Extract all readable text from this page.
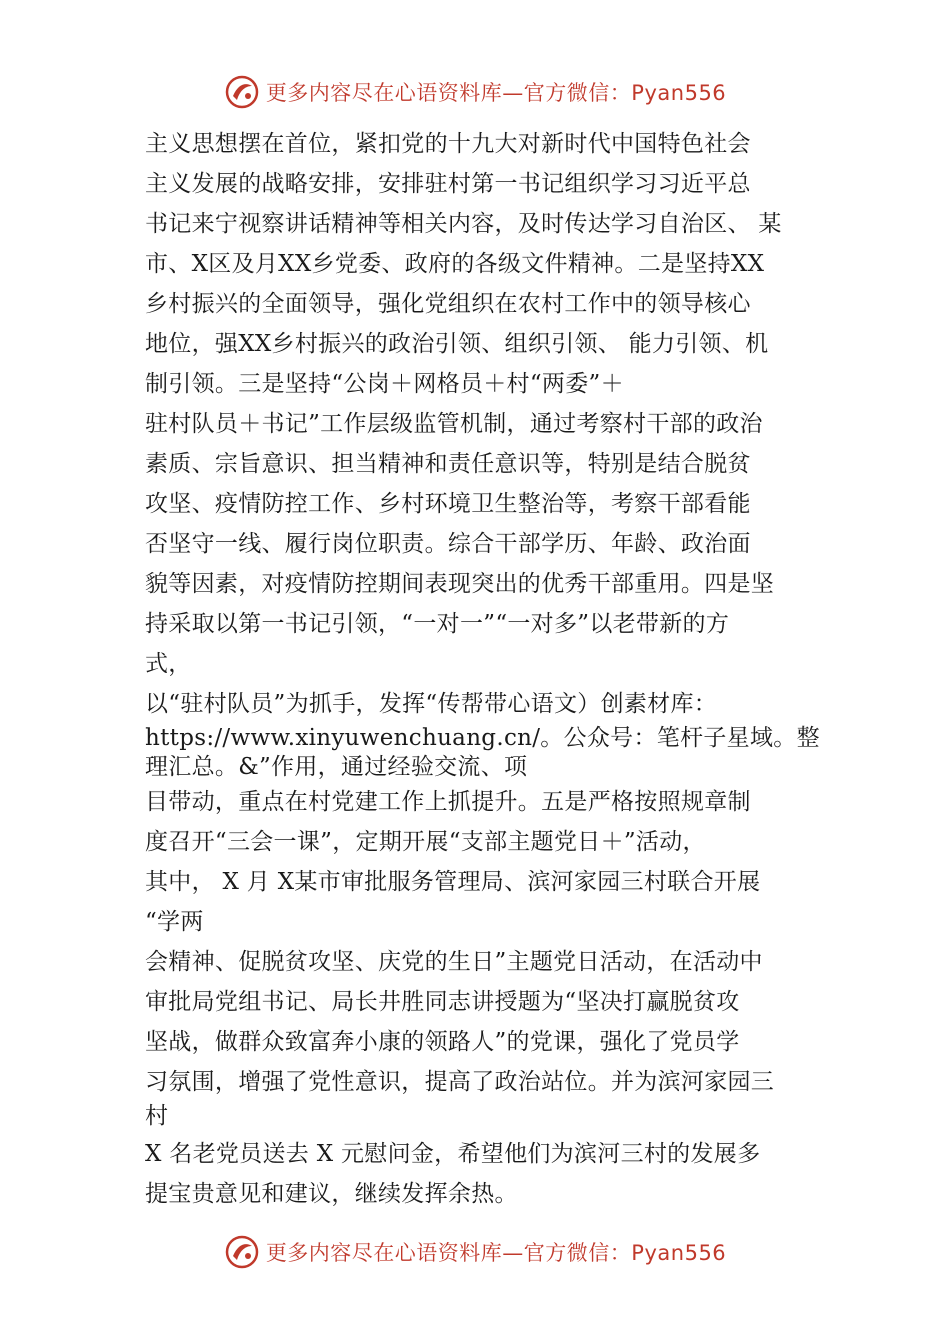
更多内容尽在心语资料库—官方微信：Pyan556
主义思想摆在首位，紧扣党的十九大对新时代中国特色社会
主义发展的战略安排，安排驻村第一书记组织学习习近平总
书记来宁视察讲话精神等相关内容，及时传达学习自治区、 某
市、X区及月XX乡党委、政府的各级文件精神。二是坚持XX
乡村振兴的全面领导，强化党组织在农村工作中的领导核心
地位，强XX乡村振兴的政治引领、组织引领、 能力引领、机
制引领。三是坚持“公岗＋网格员＋村“两委”＋
驻村队员＋书记”工作层级监管机制，通过考察村干部的政治
素质、宗旨意识、担当精神和责任意识等，特别是结合脱贫
攻坚、疫情防控工作、乡村环境卫生整治等，考察干部看能
否坚守一线、履行岗位职责。综合干部学历、年龄、政治面
貌等因素，对疫情防控期间表现突出的优秀干部重用。四是坚
持采取以第一书记引领，“一对一”“一对多”以老带新的方
式，
以“驻村队员”为抓手，发挥“传帮带心语文）创素材库：
https://www.xinyuwenchuang.cn/。公众号：笔杆子星域。整
理汇总。&”作用，通过经验交流、项
目带动，重点在村党建工作上抓提升。五是严格按照规章制
度召开“三会一课”，定期开展“支部主题党日＋”活动，
其中， X 月 X某市审批服务管理局、滨河家园三村联合开展
“学两
会精神、促脱贫攻坚、庆党的生日”主题党日活动，在活动中
审批局党组书记、局长井胜同志讲授题为“坚决打赢脱贫攻
坚战，做群众致富奔小康的领路人”的党课，强化了党员学
习氛围，增强了党性意识，提高了政治站位。并为滨河家园三
村
X 名老党员送去 X 元慰问金，希望他们为滨河三村的发展多
提宝贵意见和建议，继续发挥余热。
更多内容尽在心语资料库—官方微信：Pyan556
